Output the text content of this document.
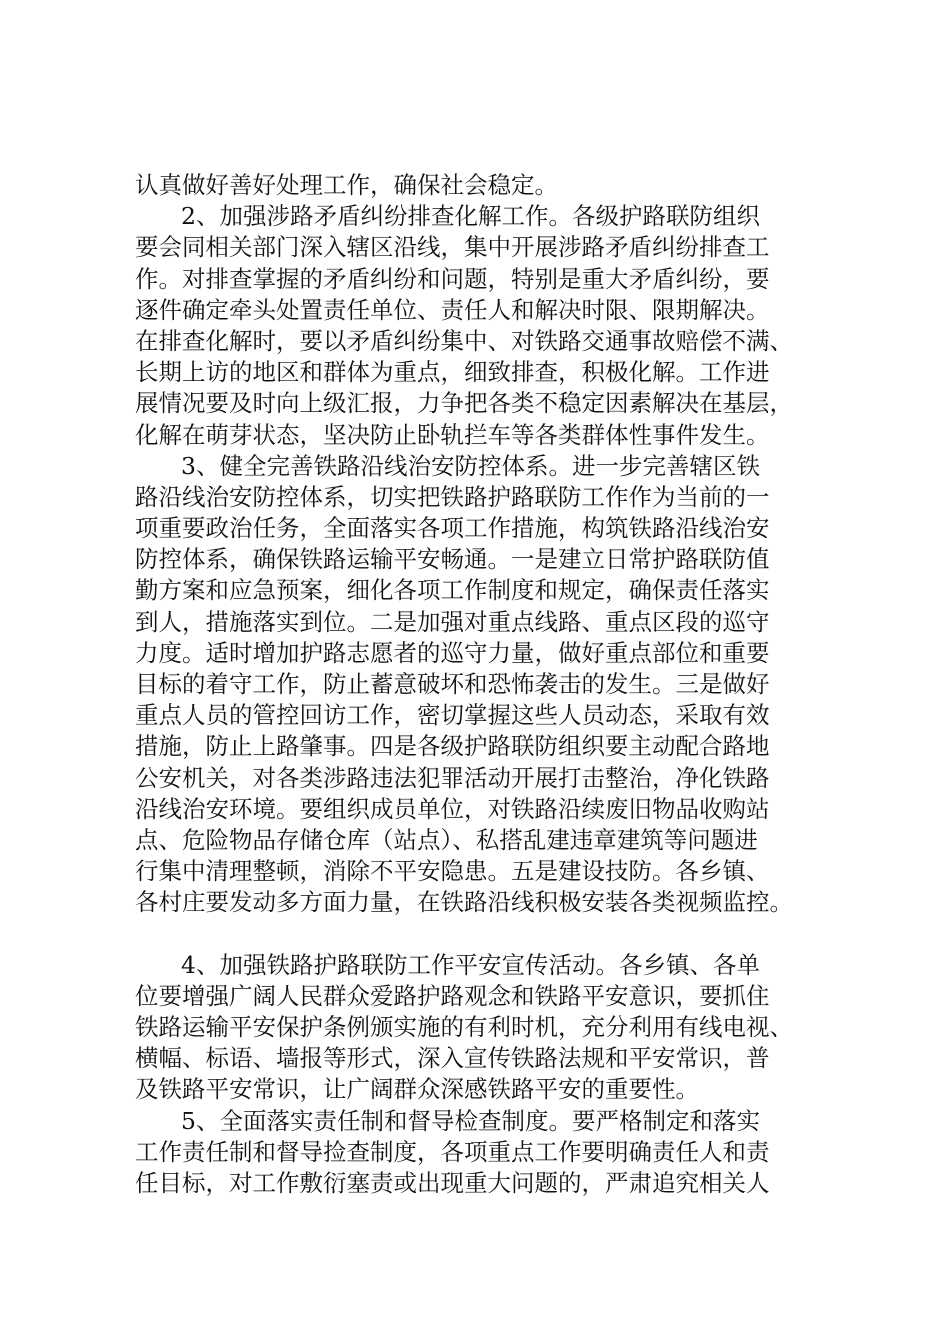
认真做好善好处理工作，确保社会稳定。
2、加强涉路矛盾纠纷排查化解工作。各级护路联防组织
要会同相关部门深入辖区沿线，集中开展涉路矛盾纠纷排查工
作。对排查掌握的矛盾纠纷和问题，特别是重大矛盾纠纷，要
逐件确定牵头处置责任单位、责任人和解决时限、限期解决。
在排查化解时，要以矛盾纠纷集中、对铁路交通事故赔偿不满、
长期上访的地区和群体为重点，细致排查，积极化解。工作进
展情况要及时向上级汇报，力争把各类不稳定因素解决在基层，
化解在萌芽状态，坚决防止卧轨拦车等各类群体性事件发生。
3、健全完善铁路沿线治安防控体系。进一步完善辖区铁
路沿线治安防控体系，切实把铁路护路联防工作作为当前的一
项重要政治任务，全面落实各项工作措施，构筑铁路沿线治安
防控体系，确保铁路运输平安畅通。一是建立日常护路联防值
勤方案和应急预案，细化各项工作制度和规定，确保责任落实
到人，措施落实到位。二是加强对重点线路、重点区段的巡守
力度。适时增加护路志愿者的巡守力量，做好重点部位和重要
目标的着守工作，防止蓄意破坏和恐怖袭击的发生。三是做好
重点人员的管控回访工作，密切掌握这些人员动态，采取有效
措施，防止上路肇事。四是各级护路联防组织要主动配合路地
公安机关，对各类涉路违法犯罪活动开展打击整治，净化铁路
沿线治安环境。要组织成员单位，对铁路沿续废旧物品收购站
点、危险物品存储仓库（站点）、私搭乱建违章建筑等问题进
行集中清理整顿，消除不平安隐患。五是建设技防。各乡镇、
各村庄要发动多方面力量，在铁路沿线积极安装各类视频监控。
4、加强铁路护路联防工作平安宣传活动。各乡镇、各单
位要增强广阔人民群众爱路护路观念和铁路平安意识，要抓住
铁路运输平安保护条例颁实施的有利时机，充分利用有线电视、
横幅、标语、墙报等形式，深入宣传铁路法规和平安常识，普
及铁路平安常识，让广阔群众深感铁路平安的重要性。
5、全面落实责任制和督导检查制度。要严格制定和落实
工作责任制和督导捡查制度，各项重点工作要明确责任人和责
任目标，对工作敷衍塞责或出现重大问题的，严肃追究相关人
